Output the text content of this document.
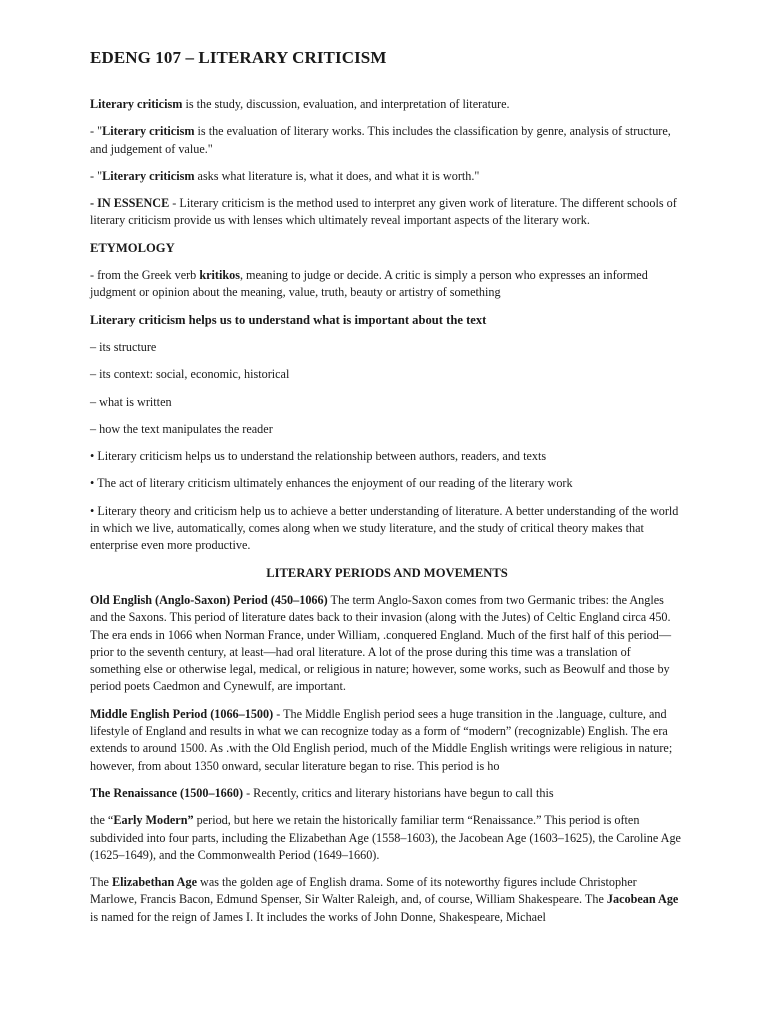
EDENG 107 – LITERARY CRITICISM

Literary criticism is the study, discussion, evaluation, and interpretation of literature.

- "Literary criticism is the evaluation of literary works. This includes the classification by genre, analysis of structure, and judgement of value."

- "Literary criticism asks what literature is, what it does, and what it is worth."

- IN ESSENCE - Literary criticism is the method used to interpret any given work of literature. The different schools of literary criticism provide us with lenses which ultimately reveal important aspects of the literary work.

ETYMOLOGY

- from the Greek verb kritikos, meaning to judge or decide. A critic is simply a person who expresses an informed judgment or opinion about the meaning, value, truth, beauty or artistry of something

Literary criticism helps us to understand what is important about the text

– its structure

– its context: social, economic, historical

– what is written

– how the text manipulates the reader

• Literary criticism helps us to understand the relationship between authors, readers, and texts

• The act of literary criticism ultimately enhances the enjoyment of our reading of the literary work

• Literary theory and criticism help us to achieve a better understanding of literature. A better understanding of the world in which we live, automatically, comes along when we study literature, and the study of critical theory makes that enterprise even more productive.

LITERARY PERIODS AND MOVEMENTS

Old English (Anglo-Saxon) Period (450–1066) The term Anglo-Saxon comes from two Germanic tribes: the Angles and the Saxons. This period of literature dates back to their invasion (along with the Jutes) of Celtic England circa 450. The era ends in 1066 when Norman France, under William, .conquered England. Much of the first half of this period—prior to the seventh century, at least—had oral literature. A lot of the prose during this time was a translation of something else or otherwise legal, medical, or religious in nature; however, some works, such as Beowulf and those by period poets Caedmon and Cynewulf, are important.

Middle English Period (1066–1500) - The Middle English period sees a huge transition in the .language, culture, and lifestyle of England and results in what we can recognize today as a form of “modern” (recognizable) English. The era extends to around 1500. As .with the Old English period, much of the Middle English writings were religious in nature; however, from about 1350 onward, secular literature began to rise. This period is ho

The Renaissance (1500–1660) - Recently, critics and literary historians have begun to call this

the “Early Modern” period, but here we retain the historically familiar term “Renaissance.” This period is often subdivided into four parts, including the Elizabethan Age (1558–1603), the Jacobean Age (1603–1625), the Caroline Age (1625–1649), and the Commonwealth Period (1649–1660).

The Elizabethan Age was the golden age of English drama. Some of its noteworthy figures include Christopher Marlowe, Francis Bacon, Edmund Spenser, Sir Walter Raleigh, and, of course, William Shakespeare. The Jacobean Age is named for the reign of James I. It includes the works of John Donne, Shakespeare, Michael
